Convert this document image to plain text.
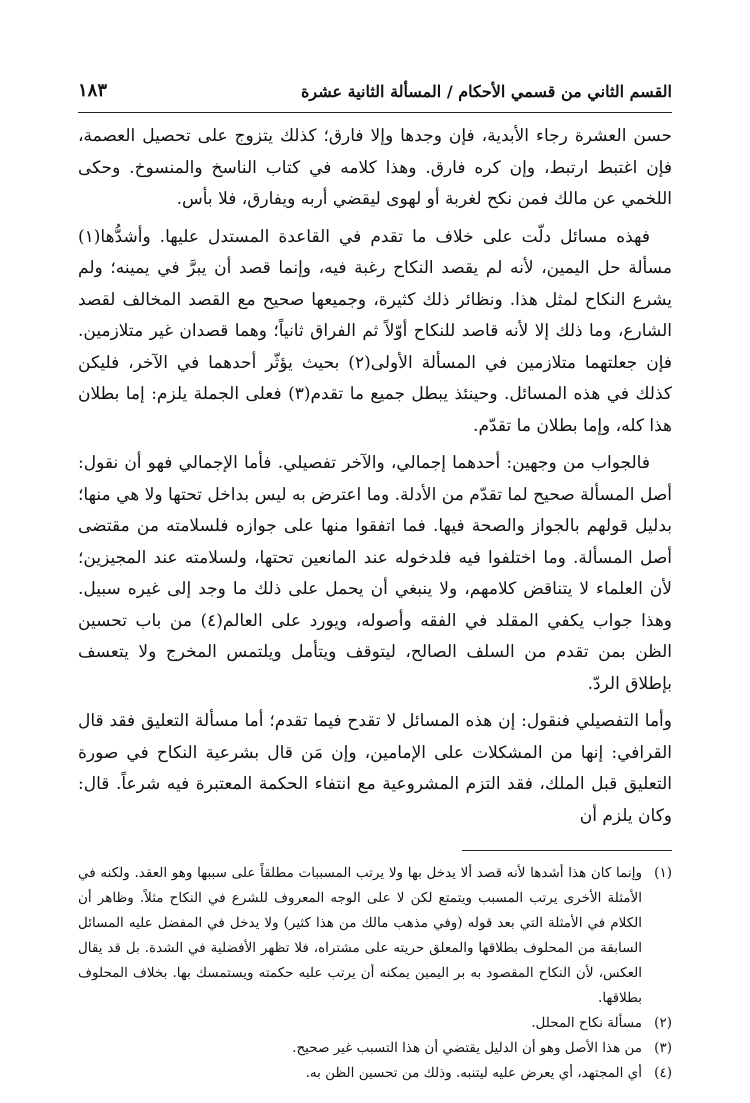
القسم الثاني من قسمي الأحكام / المسألة الثانية عشرة
١٨٣

حسن العشرة رجاء الأبدية، فإن وجدها وإلا فارق؛ كذلك يتزوج على تحصيل العصمة، فإن اغتبط ارتبط، وإن كره فارق. وهذا كلامه في كتاب الناسخ والمنسوخ. وحكى اللخمي عن مالك فمن نكح لغربة أو لهوى ليقضي أربه ويفارق، فلا بأس.

فهذه مسائل دلّت على خلاف ما تقدم في القاعدة المستدل عليها. وأشدُّها(١) مسألة حل اليمين، لأنه لم يقصد النكاح رغبة فيه، وإنما قصد أن يبرَّ في يمينه؛ ولم يشرع النكاح لمثل هذا. ونظائر ذلك كثيرة، وجميعها صحيح مع القصد المخالف لقصد الشارع، وما ذلك إلا لأنه قاصد للنكاح أوّلاً ثم الفراق ثانياً؛ وهما قصدان غير متلازمين. فإن جعلتهما متلازمين في المسألة الأولى(٢) بحيث يؤثّر أحدهما في الآخر، فليكن كذلك في هذه المسائل. وحينئذ يبطل جميع ما تقدم(٣) فعلى الجملة يلزم: إما بطلان هذا كله، وإما بطلان ما تقدّم.

فالجواب من وجهين: أحدهما إجمالي، والآخر تفصيلي. فأما الإجمالي فهو أن نقول: أصل المسألة صحيح لما تقدّم من الأدلة. وما اعترض به ليس بداخل تحتها ولا هي منها؛ بدليل قولهم بالجواز والصحة فيها. فما اتفقوا منها على جوازه فلسلامته من مقتضى أصل المسألة. وما اختلفوا فيه فلدخوله عند المانعين تحتها، ولسلامته عند المجيزين؛ لأن العلماء لا يتناقض كلامهم، ولا ينبغي أن يحمل على ذلك ما وجد إلى غيره سبيل. وهذا جواب يكفي المقلد في الفقه وأصوله، ويورد على العالم(٤) من باب تحسين الظن بمن تقدم من السلف الصالح، ليتوقف ويتأمل ويلتمس المخرج ولا يتعسف بإطلاق الردّ.

وأما التفصيلي فنقول: إن هذه المسائل لا تقدح فيما تقدم؛ أما مسألة التعليق فقد قال القرافي: إنها من المشكلات على الإمامين، وإن مَن قال بشرعية النكاح في صورة التعليق قبل الملك، فقد التزم المشروعية مع انتفاء الحكمة المعتبرة فيه شرعاً. قال: وكان يلزم أن

(١)
وإنما كان هذا أشدها لأنه قصد ألا يدخل بها ولا يرتب المسببات مطلقاً على سببها وهو العقد. ولكنه في الأمثلة الأخرى يرتب المسبب ويتمتع لكن لا على الوجه المعروف للشرع في النكاح مثلاً. وظاهر أن الكلام في الأمثلة التي بعد قوله (وفي مذهب مالك من هذا كثير) ولا يدخل في المفضل عليه المسائل السابقة من المحلوف بطلاقها والمعلق حريته على مشتراه، فلا تظهر الأفضلية في الشدة. بل قد يقال العكس، لأن النكاح المقصود به بر اليمين يمكنه أن يرتب عليه حكمته ويستمسك بها. بخلاف المحلوف بطلاقها.

(٢)
مسألة نكاح المحلل.

(٣)
من هذا الأصل وهو أن الدليل يقتضي أن هذا التسبب غير صحيح.

(٤)
أي المجتهد، أي يعرض عليه ليتنبه. وذلك من تحسين الظن به.
